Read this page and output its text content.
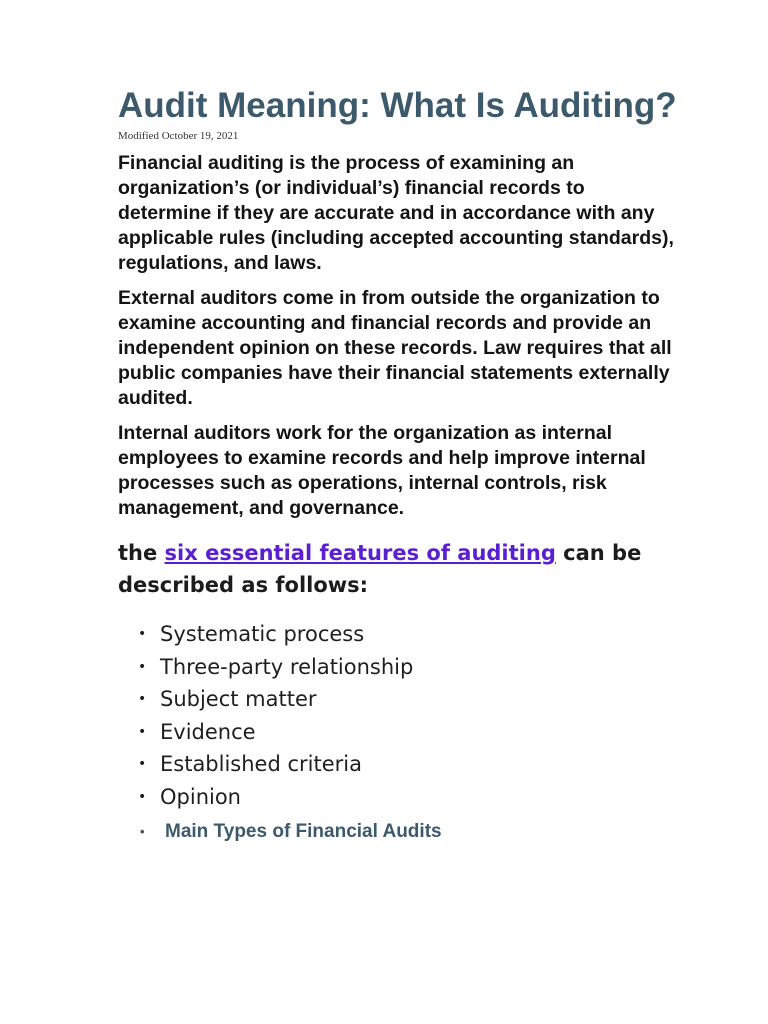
Audit Meaning: What Is Auditing?
Modified October 19, 2021

Financial auditing is the process of examining an organization’s (or individual’s) financial records to determine if they are accurate and in accordance with any applicable rules (including accepted accounting standards), regulations, and laws.

External auditors come in from outside the organization to examine accounting and financial records and provide an independent opinion on these records. Law requires that all public companies have their financial statements externally audited.

Internal auditors work for the organization as internal employees to examine records and help improve internal processes such as operations, internal controls, risk management, and governance.

the six essential features of auditing can be described as follows:
• Systematic process
• Three-party relationship
• Subject matter
• Evidence
• Established criteria
• Opinion
• Main Types of Financial Audits
